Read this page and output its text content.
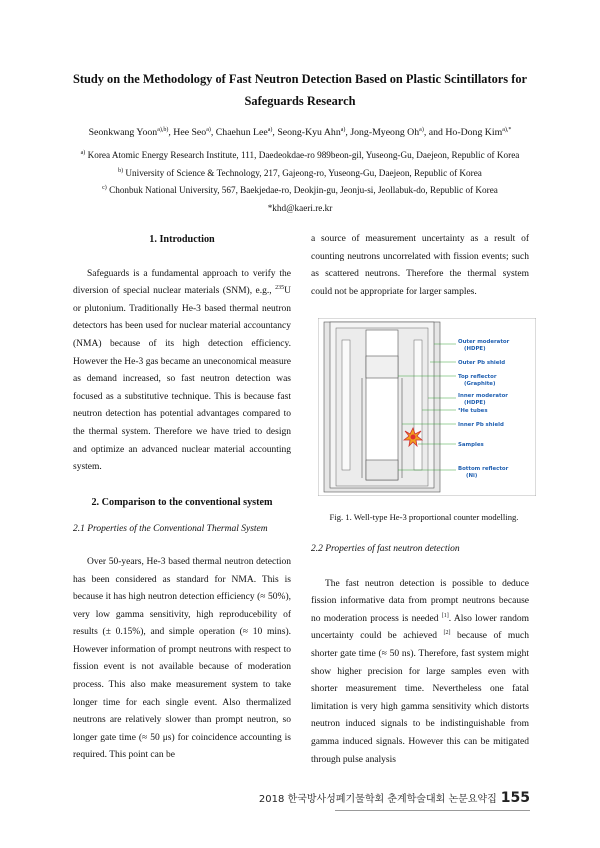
Study on the Methodology of Fast Neutron Detection Based on Plastic Scintillators for
Safeguards Research
Seonkwang Yoon$^{a),b)}$, Hee Seo$^{a)}$, Chaehun Lee$^{a)}$, Seong-Kyu Ahn$^{a)}$, Jong-Myeong Oh$^{a)}$, and Ho-Dong Kim$^{a),*}$
$^{a)}$ Korea Atomic Energy Research Institute, 111, Daedeokdae-ro 989beon-gil, Yuseong-Gu, Daejeon, Republic of Korea
$^{b)}$ University of Science & Technology, 217, Gajeong-ro, Yuseong-Gu, Daejeon, Republic of Korea
$^{c)}$ Chonbuk National University, 567, Baekjedae-ro, Deokjin-gu, Jeonju-si, Jeollabuk-do, Republic of Korea
*khd@kaeri.re.kr

1. Introduction

Safeguards is a fundamental approach to verify the diversion of special nuclear materials (SNM), e.g., $^{235}$U or plutonium. Traditionally He-3 based thermal neutron detectors has been used for nuclear material accountancy (NMA) because of its high detection efficiency. However the He-3 gas became an uneconomical measure as demand increased, so fast neutron detection was focused as a substitutive technique. This is because fast neutron detection has potential advantages compared to the thermal system. Therefore we have tried to design and optimize an advanced nuclear material accounting system.

2. Comparison to the conventional system

2.1 Properties of the Conventional Thermal System

Over 50-years, He-3 based thermal neutron detection has been considered as standard for NMA. This is because it has high neutron detection efficiency (≈ 50%), very low gamma sensitivity, high reproducebility of results (± 0.15%), and simple operation (≈ 10 mins). However information of prompt neutrons with respect to fission event is not available because of moderation process. This also make measurement system to take longer time for each single event. Also thermalized neutrons are relatively slower than prompt neutron, so longer gate time (≈ 50 μs) for coincidence accounting is required. This point can be

a source of measurement uncertainty as a result of counting neutrons uncorrelated with fission events; such as scattered neutrons. Therefore the thermal system could not be appropriate for larger samples.

Outer moderator
(HDPE)
Outer Pb shield
Top reflector
(Graphite)
Inner moderator
(HDPE)
³He tubes
Inner Pb shield
Samples
Bottom reflector
(Ni)
Fig. 1. Well-type He-3 proportional counter modelling.

2.2 Properties of fast neutron detection

The fast neutron detection is possible to deduce fission informative data from prompt neutrons because no moderation process is needed [1]. Also lower random uncertainty could be achieved [2] because of much shorter gate time (≈ 50 ns). Therefore, fast system might show higher precision for large samples even with shorter measurement time. Nevertheless one fatal limitation is very high gamma sensitivity which distorts neutron induced signals to be indistinguishable from gamma induced signals. However this can be mitigated through pulse analysis

2018 한국방사성폐기물학회 춘계학술대회 논문요약집 155
